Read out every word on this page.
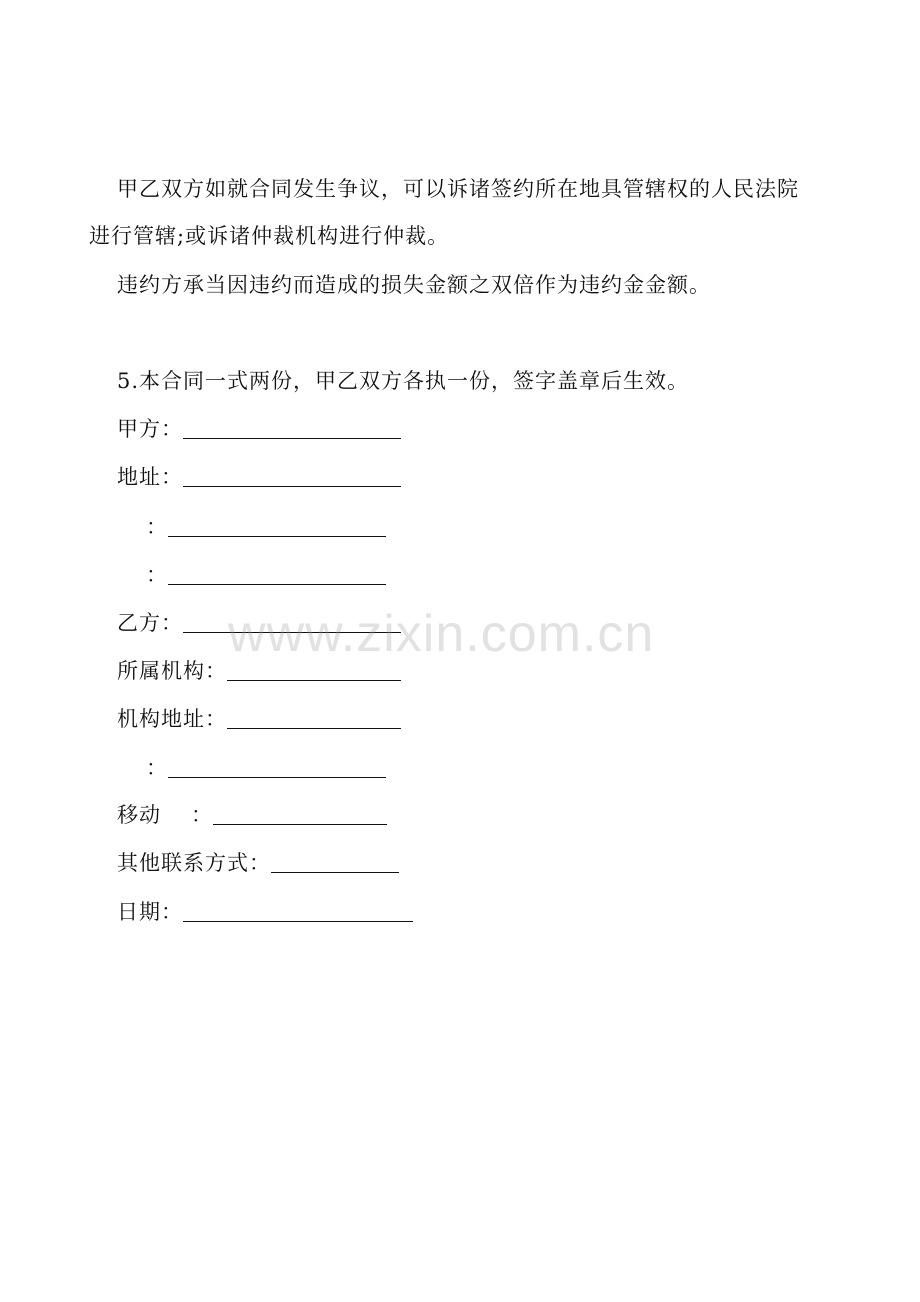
甲乙双方如就合同发生争议，可以诉诸签约所在地具管辖权的人民法院
进行管辖;或诉诸仲裁机构进行仲裁。
违约方承当因违约而造成的损失金额之双倍作为违约金金额。
5.本合同一式两份，甲乙双方各执一份，签字盖章后生效。
甲方：
地址：
：
：
乙方：
所属机构：
机构地址：
：
移动 ：
其他联系方式：
日期：
www.zixin.com.cn
